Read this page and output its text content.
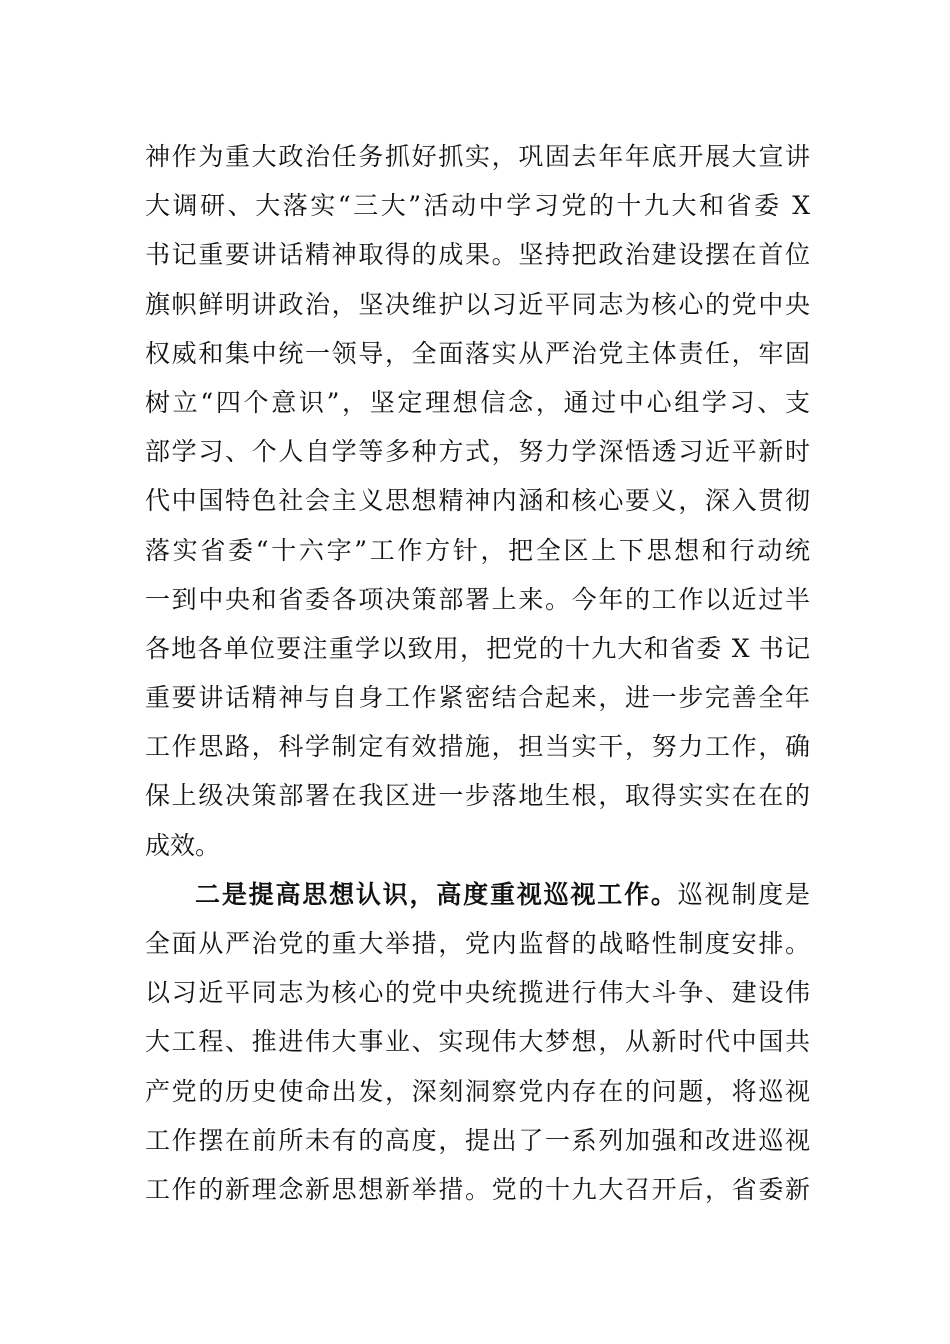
神作为重大政治任务抓好抓实，巩固去年年底开展大宣讲
大调研、大落实“三大”活动中学习党的十九大和省委 X
书记重要讲话精神取得的成果。坚持把政治建设摆在首位
旗帜鲜明讲政治，坚决维护以习近平同志为核心的党中央
权威和集中统一领导，全面落实从严治党主体责任，牢固
树立“四个意识”，坚定理想信念，通过中心组学习、支
部学习、个人自学等多种方式，努力学深悟透习近平新时
代中国特色社会主义思想精神内涵和核心要义，深入贯彻
落实省委“十六字”工作方针，把全区上下思想和行动统
一到中央和省委各项决策部署上来。今年的工作以近过半
各地各单位要注重学以致用，把党的十九大和省委 X 书记
重要讲话精神与自身工作紧密结合起来，进一步完善全年
工作思路，科学制定有效措施，担当实干，努力工作，确
保上级决策部署在我区进一步落地生根，取得实实在在的
成效。
二是提高思想认识，高度重视巡视工作。巡视制度是
全面从严治党的重大举措，党内监督的战略性制度安排。
以习近平同志为核心的党中央统揽进行伟大斗争、建设伟
大工程、推进伟大事业、实现伟大梦想，从新时代中国共
产党的历史使命出发，深刻洞察党内存在的问题，将巡视
工作摆在前所未有的高度，提出了一系列加强和改进巡视
工作的新理念新思想新举措。党的十九大召开后，省委新
